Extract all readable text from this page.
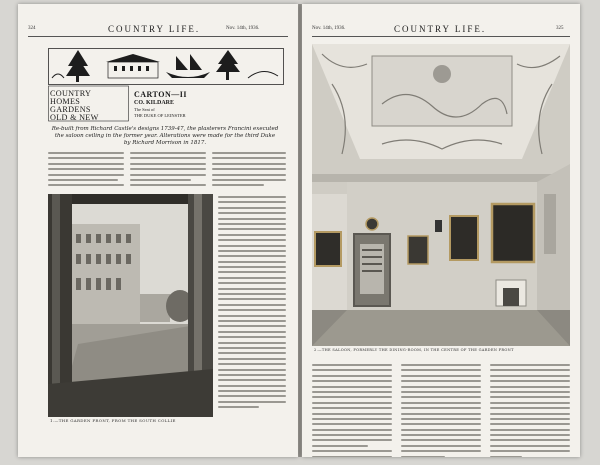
324	COUNTRY LIFE.	Nov. 14th, 1936.
COUNTRY
HOMES
GARDENS
OLD & NEW
CARTON—II
CO. KILDARE
The Seat of
THE DUKE OF LEINSTER
Re-built from Richard Castle's designs 1739-47, the plasterers Francini executed
the saloon ceiling in the former year. Alterations were made for the third Duke
by Richard Morrison in 1817.
1.—THE GARDEN FRONT, FROM THE SOUTH COLLIE
Nov. 14th, 1936.	COUNTRY LIFE.	325
2.—THE SALOON, FORMERLY THE DINING-ROOM, IN THE CENTRE OF THE GARDEN FRONT
